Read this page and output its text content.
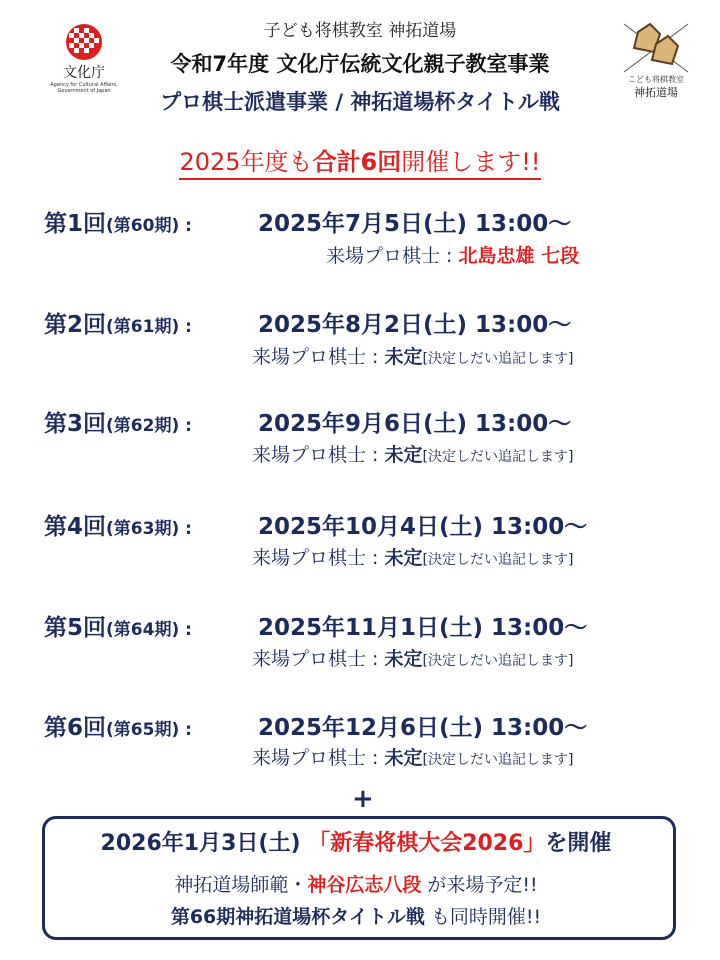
子ども将棋教室 神拓道場
令和7年度 文化庁伝統文化親子教室事業
プロ棋士派遣事業 / 神拓道場杯タイトル戦
文化庁
Agency for Cultural Affairs, Government of Japan
こども将棋教室
神拓道場
2025年度も合計6回開催します!!
第1回(第60期) :	2025年7月5日(土) 13:00〜
来場プロ棋士 : 北島忠雄 七段
第2回(第61期) :	2025年8月2日(土) 13:00〜
来場プロ棋士 : 未定[決定しだい追記します]
第3回(第62期) :	2025年9月6日(土) 13:00〜
来場プロ棋士 : 未定[決定しだい追記します]
第4回(第63期) :	2025年10月4日(土) 13:00〜
来場プロ棋士 : 未定[決定しだい追記します]
第5回(第64期) :	2025年11月1日(土) 13:00〜
来場プロ棋士 : 未定[決定しだい追記します]
第6回(第65期) :	2025年12月6日(土) 13:00〜
来場プロ棋士 : 未定[決定しだい追記します]
+
2026年1月3日(土) 「新春将棋大会2026」を開催
神拓道場師範・神谷広志八段 が来場予定!!
第66期神拓道場杯タイトル戦 も同時開催!!
